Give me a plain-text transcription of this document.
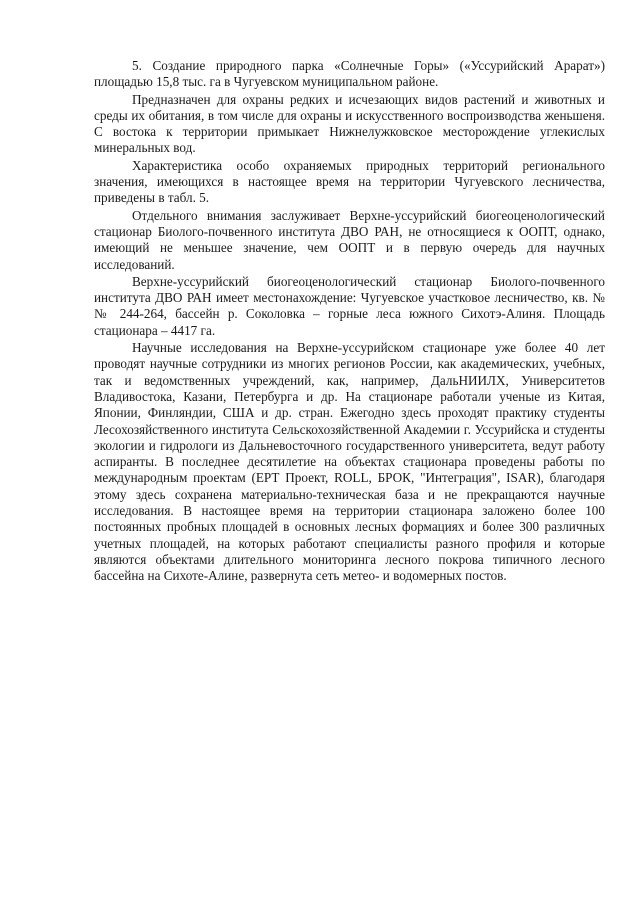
5. Создание природного парка «Солнечные Горы» («Уссурийский Арарат») площадью 15,8 тыс. га в Чугуевском муниципальном районе.

Предназначен для охраны редких и исчезающих видов растений и животных и среды их обитания, в том числе для охраны и искусственного воспроизводства женьшеня. С востока к территории примыкает Нижнелужковское месторождение углекислых минеральных вод.

Характеристика особо охраняемых природных территорий регионального значения, имеющихся в настоящее время на территории Чугуевского лесничества, приведены в табл. 5.

Отдельного внимания заслуживает Верхне-уссурийский биогеоценологический стационар Биолого-почвенного института ДВО РАН, не относящиеся к ООПТ, однако, имеющий не меньшее значение, чем ООПТ и в первую очередь для научных исследований.

Верхне-уссурийский биогеоценологический стационар Биолого-почвенного института ДВО РАН имеет местонахождение: Чугуевское участковое лесничество, кв. №№ 244-264, бассейн р. Соколовка – горные леса южного Сихотэ-Алиня. Площадь стационара – 4417 га.

Научные исследования на Верхне-уссурийском стационаре уже более 40 лет проводят научные сотрудники из многих регионов России, как академических, учебных, так и ведомственных учреждений, как, например, ДальНИИЛХ, Университетов Владивостока, Казани, Петербурга и др. На стационаре работали ученые из Китая, Японии, Финляндии, США и др. стран. Ежегодно здесь проходят практику студенты Лесохозяйственного института Сельскохозяйственной Академии г. Уссурийска и студенты экологии и гидрологи из Дальневосточного государственного университета, ведут работу аспиранты. В последнее десятилетие на объектах стационара проведены работы по международным проектам (ЕРТ Проект, ROLL, БРОК, "Интеграция", ISAR), благодаря этому здесь сохранена материально-техническая база и не прекращаются научные исследования. В настоящее время на территории стационара заложено более 100 постоянных пробных площадей в основных лесных формациях и более 300 различных учетных площадей, на которых работают специалисты разного профиля и которые являются объектами длительного мониторинга лесного покрова типичного лесного бассейна на Сихоте-Алине, развернута сеть метео- и водомерных постов.
